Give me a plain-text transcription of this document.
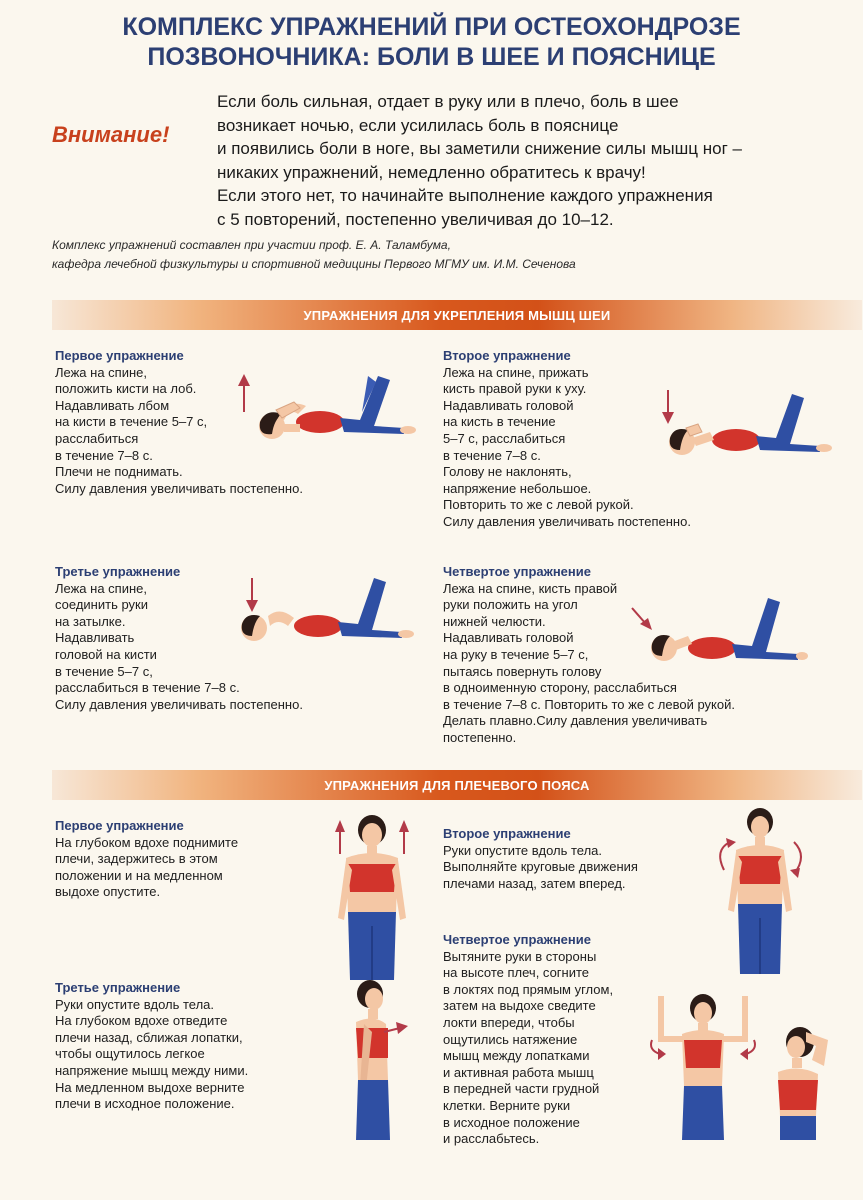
КОМПЛЕКС УПРАЖНЕНИЙ ПРИ ОСТЕОХОНДРОЗЕ
ПОЗВОНОЧНИКА: БОЛИ В ШЕЕ И ПОЯСНИЦЕ
Внимание!
Если боль сильная, отдает в руку или в плечо, боль в шее
возникает ночью, если усилилась боль в пояснице
и появились боли в ноге, вы заметили снижение силы мышц ног –
никаких упражнений, немедленно обратитесь к врачу!
Если этого нет, то начинайте выполнение каждого упражнения
с 5 повторений, постепенно увеличивая до 10–12.
Комплекс упражнений составлен при участии проф. Е. А. Таламбума,
кафедра лечебной физкультуры и спортивной медицины Первого МГМУ им. И.М. Сеченова
УПРАЖНЕНИЯ ДЛЯ УКРЕПЛЕНИЯ МЫШЦ ШЕИ
Первое упражнение
Лежа на спине,
положить кисти на лоб.
Надавливать лбом
на кисти в течение 5–7 с,
расслабиться
в течение 7–8 с.
Плечи не поднимать.
Силу давления увеличивать постепенно.
Второе упражнение
Лежа на спине, прижать
кисть правой руки к уху.
Надавливать головой
на кисть в течение
5–7 с, расслабиться
в течение 7–8 с.
Голову не наклонять,
напряжение небольшое.
Повторить то же с левой рукой.
Силу давления увеличивать постепенно.
Третье упражнение
Лежа на спине,
соединить руки
на затылке.
Надавливать
головой на кисти
в течение 5–7 с,
расслабиться в течение 7–8 с.
Силу давления увеличивать постепенно.
Четвертое упражнение
Лежа на спине, кисть правой
руки положить на угол
нижней челюсти.
Надавливать головой
на руку в течение 5–7 с,
пытаясь повернуть голову
в одноименную сторону, расслабиться
в течение 7–8 с. Повторить то же с левой рукой.
Делать плавно.Силу давления увеличивать
постепенно.
УПРАЖНЕНИЯ ДЛЯ ПЛЕЧЕВОГО ПОЯСА
Первое упражнение
На глубоком вдохе поднимите
плечи, задержитесь в этом
положении и на медленном
выдохе опустите.
Второе упражнение
Руки опустите вдоль тела.
Выполняйте круговые движения
плечами назад, затем вперед.
Третье упражнение
Руки опустите вдоль тела.
На глубоком вдохе отведите
плечи назад, сближая лопатки,
чтобы ощутилось легкое
напряжение мышц между ними.
На медленном выдохе верните
плечи в исходное положение.
Четвертое упражнение
Вытяните руки в стороны
на высоте плеч, согните
в локтях под прямым углом,
затем на выдохе сведите
локти впереди, чтобы
ощутились натяжение
мышц между лопатками
и активная работа мышц
в передней части грудной
клетки. Верните руки
в исходное положение
и расслабьтесь.
